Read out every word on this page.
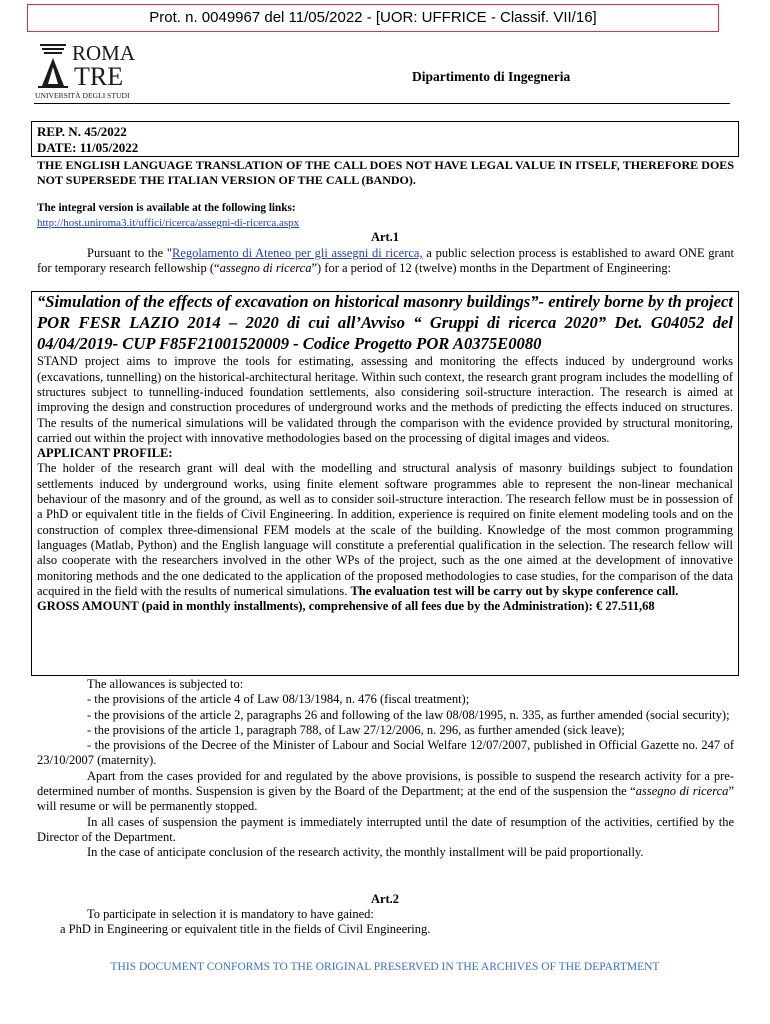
Prot. n. 0049967 del 11/05/2022 - [UOR: UFFRICE - Classif. VII/16]
ROMA
TRE
UNIVERSITÀ DEGLI STUDI
Dipartimento di Ingegneria
REP. N. 45/2022
DATE: 11/05/2022
THE ENGLISH LANGUAGE TRANSLATION OF THE CALL DOES NOT HAVE LEGAL VALUE IN ITSELF, THEREFORE DOES NOT SUPERSEDE THE ITALIAN VERSION OF THE CALL (BANDO).
The integral version is available at the following links:
http://host.uniroma3.it/uffici/ricerca/assegni-di-ricerca.aspx
Art.1

Pursuant to the "Regolamento di Ateneo per gli assegni di ricerca, a public selection process is established to award ONE grant for temporary research fellowship (“assegno di ricerca”) for a period of 12 (twelve) months in the Department of Engineering:

“Simulation of the effects of excavation on historical masonry buildings”- entirely borne by th project POR FESR LAZIO 2014 – 2020 di cui all’Avviso “ Gruppi di ricerca 2020” Det. G04052 del 04/04/2019- CUP F85F21001520009 - Codice Progetto POR A0375E0080

STAND project aims to improve the tools for estimating, assessing and monitoring the effects induced by underground works (excavations, tunnelling) on the historical-architectural heritage. Within such context, the research grant program includes the modelling of structures subject to tunnelling-induced foundation settlements, also considering soil-structure interaction. The research is aimed at improving the design and construction procedures of underground works and the methods of predicting the effects induced on structures. The results of the numerical simulations will be validated through the comparison with the evidence provided by structural monitoring, carried out within the project with innovative methodologies based on the processing of digital images and videos.

APPLICANT PROFILE:

The holder of the research grant will deal with the modelling and structural analysis of masonry buildings subject to foundation settlements induced by underground works, using finite element software programmes able to represent the non-linear mechanical behaviour of the masonry and of the ground, as well as to consider soil-structure interaction. The research fellow must be in possession of a PhD or equivalent title in the fields of Civil Engineering. In addition, experience is required on finite element modeling tools and on the construction of complex three-dimensional FEM models at the scale of the building. Knowledge of the most common programming languages (Matlab, Python) and the English language will constitute a preferential qualification in the selection. The research fellow will also cooperate with the researchers involved in the other WPs of the project, such as the one aimed at the development of innovative monitoring methods and the one dedicated to the application of the proposed methodologies to case studies, for the comparison of the data acquired in the field with the results of numerical simulations. The evaluation test will be carry out by skype conference call.

GROSS AMOUNT (paid in monthly installments), comprehensive of all fees due by the Administration): € 27.511,68

The allowances is subjected to:

- the provisions of the article 4 of Law 08/13/1984, n. 476 (fiscal treatment);

- the provisions of the article 2, paragraphs 26 and following of the law 08/08/1995, n. 335, as further amended (social security);

- the provisions of the article 1, paragraph 788, of Law 27/12/2006, n. 296, as further amended (sick leave);

- the provisions of the Decree of the Minister of Labour and Social Welfare 12/07/2007, published in Official Gazette no. 247 of 23/10/2007 (maternity).

Apart from the cases provided for and regulated by the above provisions, is possible to suspend the research activity for a pre-determined number of months. Suspension is given by the Board of the Department; at the end of the suspension the “assegno di ricerca” will resume or will be permanently stopped.

In all cases of suspension the payment is immediately interrupted until the date of resumption of the activities, certified by the Director of the Department.

In the case of anticipate conclusion of the research activity, the monthly installment will be paid proportionally.

Art.2

To participate in selection it is mandatory to have gained:

a PhD in Engineering or equivalent title in the fields of Civil Engineering.

THIS DOCUMENT CONFORMS TO THE ORIGINAL PRESERVED IN THE ARCHIVES OF THE DEPARTMENT
